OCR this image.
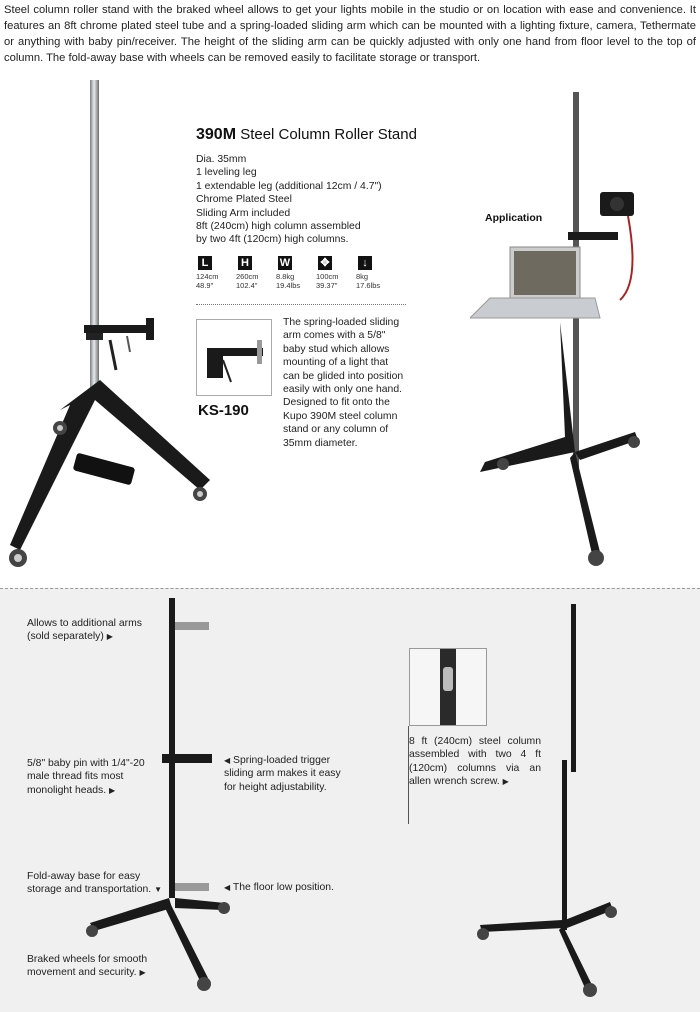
Steel column roller stand with the braked wheel allows to get your lights mobile in the studio or on location with ease and convenience. It features an 8ft chrome plated steel tube and a spring-loaded sliding arm which can be mounted with a lighting fixture, camera, Tethermate or anything with baby pin/receiver. The height of the sliding arm can be quickly adjusted with only one hand from floor level to the top of column. The fold-away base with wheels can be removed easily to facilitate storage or transport.
390M Steel Column Roller Stand
Dia. 35mm
1 leveling leg
1 extendable leg (additional 12cm / 4.7")
Chrome Plated Steel
Sliding Arm included
8ft (240cm) high column assembled
by two 4ft (120cm) high columns.
L
124cm
48.9"
H
260cm
102.4"
W
8.8kg
19.4lbs
✥
100cm
39.37"
↓
8kg
17.6lbs
KS-190
The spring-loaded sliding arm comes with a 5/8" baby stud which allows mounting of a light that can be glided into position easily with only one hand. Designed to fit onto the Kupo 390M steel column stand or any column of 35mm diameter.
Application
Allows to additional arms (sold separately) ▶
5/8" baby pin with 1/4"-20 male thread fits most monolight heads. ▶
◀ Spring-loaded trigger sliding arm makes it easy for height adjustability.
Fold-away base for easy storage and transportation. ▼	◀ The floor low position.
Braked wheels for smooth movement and security. ▶
8 ft (240cm) steel column assembled with two 4 ft (120cm) columns via an allen wrench screw. ▶
